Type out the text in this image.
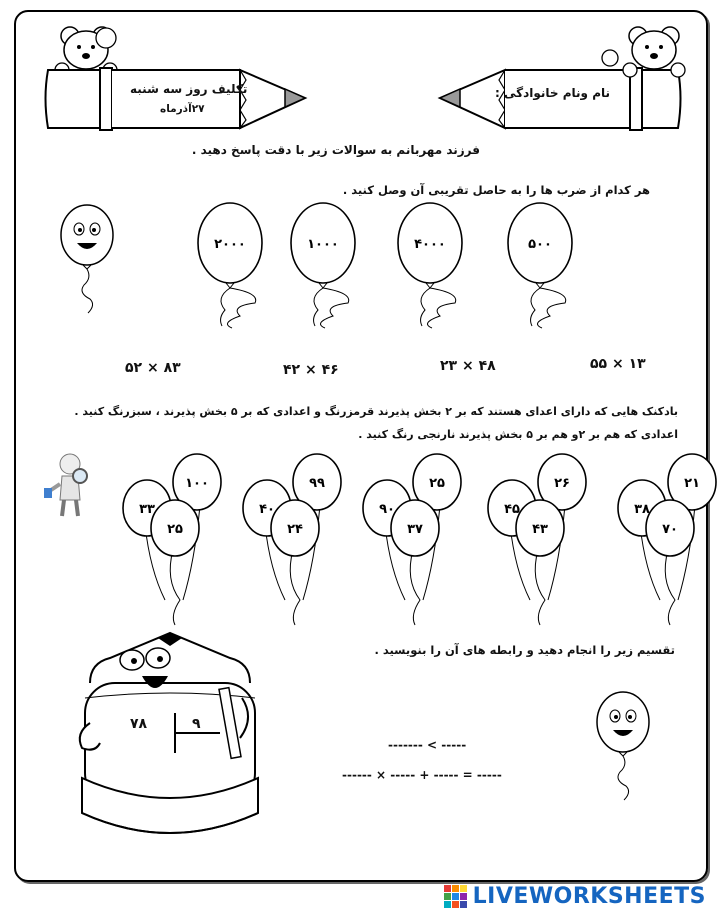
تکلیف روز سه شنبه
۲۷آذرماه
نام ونام خانوادگی :
فرزند مهربانم به سوالات زیر با دقت پاسخ دهید .
هر کدام از ضرب ها را به حاصل تقریبی آن وصل کنید .
۵۰۰
۴۰۰۰
۱۰۰۰
۲۰۰۰
۱۳ × ۵۵
۴۸ × ۲۳
۴۶ × ۴۲
۸۳ × ۵۲
بادکنک هایی که دارای اعدای هستند که بر ۲ بخش پذیرند قرمزرنگ و اعدادی که بر ۵ بخش پذیرند ، سبزرنگ کنید .
اعدادی که هم بر ۲و هم بر ۵ بخش پذیرند نارنجی رنگ کنید .
۲۱
۳۸
۷۰
۲۶
۴۵
۴۳
۲۵
۹۰
۳۷
۹۹
۴۰
۲۴
۱۰۰
۳۳
۲۵
تقسیم زیر را انجام دهید و رابطه های آن را بنویسید .
۷۸	۹
------- < -----
------ × ----- + ----- = -----
LIVEWORKSHEETS
